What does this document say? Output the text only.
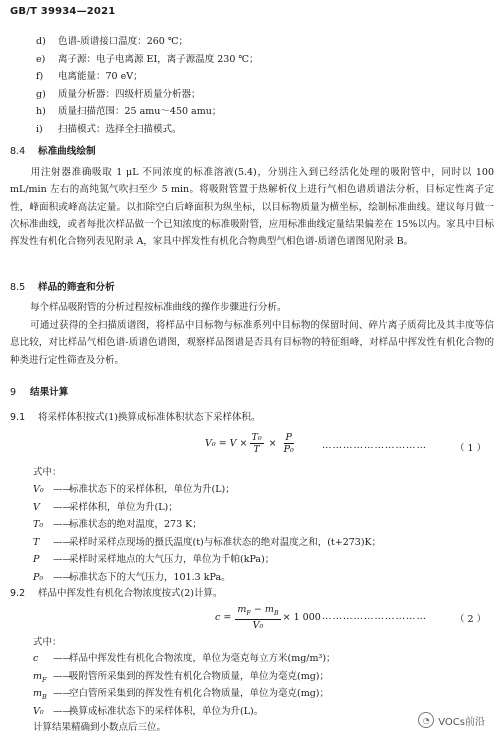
GB/T 39934—2021
d)	色谱-质谱接口温度：260 ℃；
e)	离子源：电子电离源 EI，离子源温度 230 ℃；
f)	电离能量：70 eV；
g)	质量分析器：四级杆质量分析器；
h)	质量扫描范围：25 amu～450 amu；
i)	扫描模式：选择全扫描模式。
8.4 标准曲线绘制
用注射器准确吸取 1 μL 不同浓度的标准溶液(5.4)，分别注入到已经活化处理的吸附管中，同时以 100 mL/min 左右的高纯氮气吹扫至少 5 min。将吸附管置于热解析仪上进行气相色谱质谱法分析，目标定性离子定性，峰面积或峰高法定量。以扣除空白后峰面积为纵坐标，以目标物质量为横坐标，绘制标准曲线。建议每月做一次标准曲线，或者每批次样品做一个已知浓度的标准吸附管，应用标准曲线定量结果偏差在 15%以内。家具中目标挥发性有机化合物列表见附录 A，家具中挥发性有机化合物典型气相色谱-质谱色谱图见附录 B。
8.5 样品的筛查和分析
每个样品吸附管的分析过程按标准曲线的操作步骤进行分析。
可通过获得的全扫描质谱图，将样品中目标物与标准系列中目标物的保留时间、碎片离子质荷比及其丰度等信息比较，对比样品气相色谱-质谱色谱图，观察样品图谱是否具有目标物的特征组峰，对样品中挥发性有机化合物的种类进行定性筛查及分析。
9 结果计算
9.1 将采样体积按式(1)换算成标准体积状态下采样体积。
$V_0 = V \times \frac{\text{T₀}}{T} \times \frac{P}{\text{P₀}}$	…………………………	（ 1 ）
式中：
V₀ ——
标准状态下的采样体积，单位为升(L)；
V	——
采样体积，单位为升(L)；
T₀	——
标准状态的绝对温度，273 K；
T	——
采样时采样点现场的摄氏温度(t)与标准状态的绝对温度之和，(t+273)K；
P	——
采样时采样地点的大气压力，单位为千帕(kPa)；
P₀	——
标准状态下的大气压力，101.3 kPa。
9.2 样品中挥发性有机化合物浓度按式(2)计算。
$c = \frac{m_F - m_B}{\text{V₀}} \times 1$ 000 …………………………	（ 2 ）
式中：
c	——
样品中挥发性有机化合物浓度，单位为毫克每立方米(mg/m³)；
$m_F$ ——
吸附管所采集到的挥发性有机化合物质量，单位为毫克(mg)；
$m_B$ ——
空白管所采集到的挥发性有机化合物质量，单位为毫克(mg)；
V₀ ——
换算成标准状态下的采样体积，单位为升(L)。
计算结果精确到小数点后三位。
◔ VOCs前沿
